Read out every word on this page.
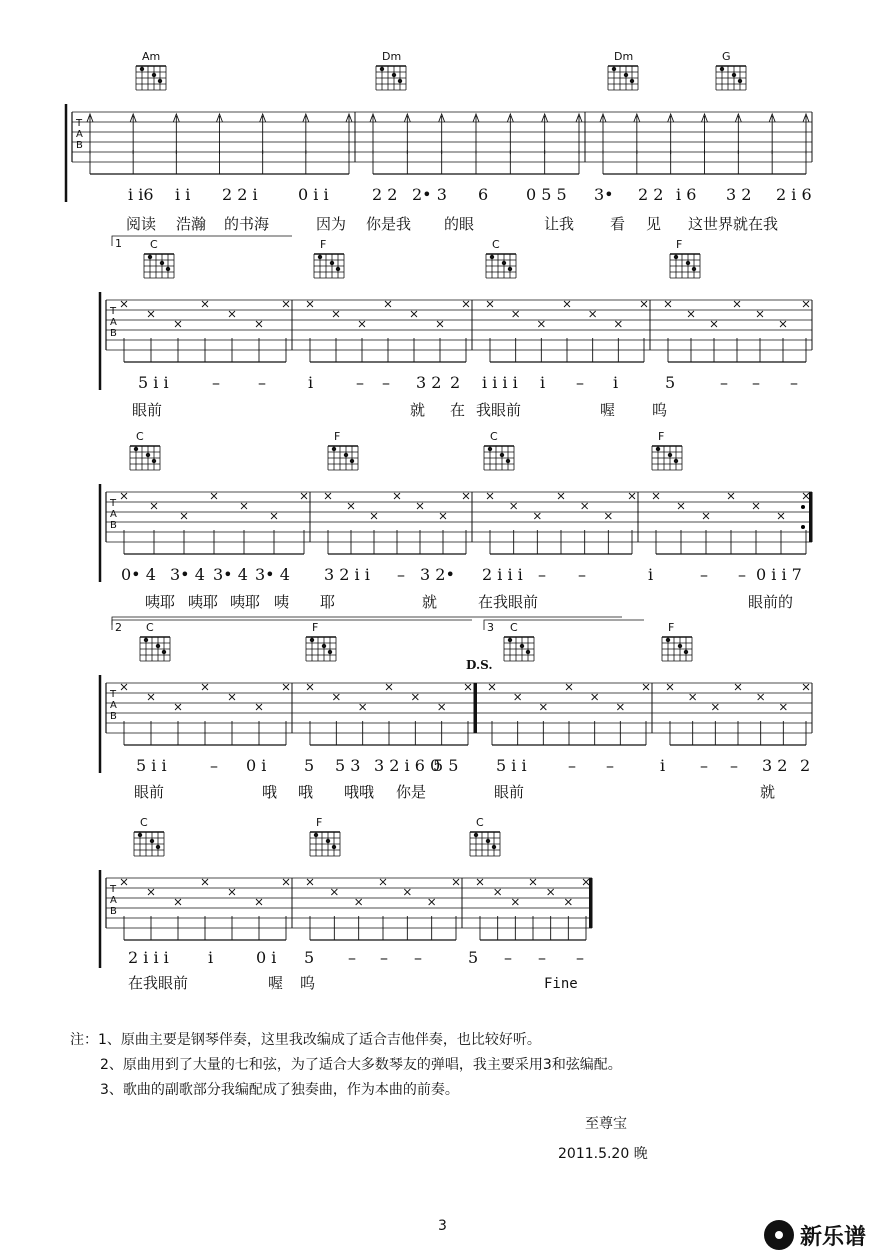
T
A
B
Am	Dm	Dm	G
i i6 i i 2 2 i	0 i i	2 2 2• 3 6 0 5 5 3• 2 2 i 6 3 2 2 i 6
阅读 浩瀚 的书海	因为 你是我 的眼	让我 看 见 这世界就在我
T
A
B
C	F	C	F
5 i i	– –	i	– – 3 2 2 i i i i i – i	5	– – –
眼前	就 在 我眼前	喔 呜
T
A
B
C	F	C	F
0• 4 3• 4 3• 4 3• 4 3 2 i i – 3 2• 2 i i i – –	i	– – 0 i i 7
咦耶 咦耶 咦耶 咦 耶	就	在我眼前	眼前的
T
A
B
D.S.
C	F	C	F
5 i i	– 0 i 5 5 3 3 2 i 6 0
5 5 5 i i	– –	i – – 3 2 2
眼前	哦 哦 哦哦 你是	眼前	就
T
A
B
C	F	C
2 i i i i	0 i 5 – – –	5 – – –
在我眼前	喔 呜	Fine
1
2	3
注：1、原曲主要是钢琴伴奏，这里我改编成了适合吉他伴奏，也比较好听。
2、原曲用到了大量的七和弦，为了适合大多数琴友的弹唱，我主要采用3和弦编配。
3、歌曲的副歌部分我编配成了独奏曲，作为本曲的前奏。
至尊宝
2011.5.20 晚
3	新乐谱
